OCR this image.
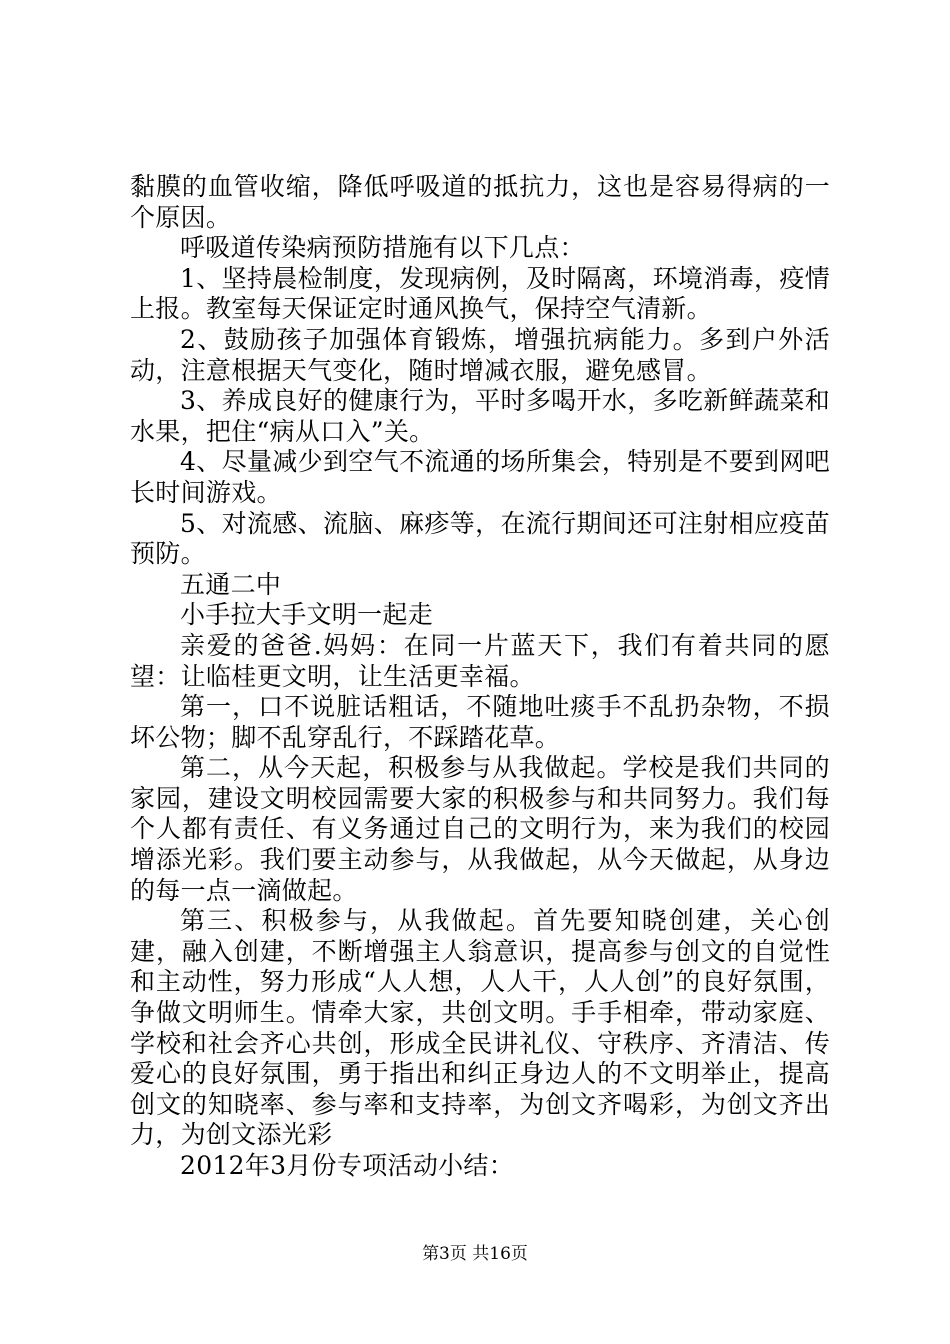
黏膜的血管收缩，降低呼吸道的抵抗力，这也是容易得病的一个原因。

呼吸道传染病预防措施有以下几点：

1、坚持晨检制度，发现病例，及时隔离，环境消毒，疫情上报。教室每天保证定时通风换气，保持空气清新。

2、鼓励孩子加强体育锻炼，增强抗病能力。多到户外活动，注意根据天气变化，随时增减衣服，避免感冒。

3、养成良好的健康行为，平时多喝开水，多吃新鲜蔬菜和水果，把住“病从口入”关。

4、尽量减少到空气不流通的场所集会，特别是不要到网吧长时间游戏。

5、对流感、流脑、麻疹等，在流行期间还可注射相应疫苗预防。

五通二中

小手拉大手文明一起走

亲爱的爸爸.妈妈：在同一片蓝天下，我们有着共同的愿望：让临桂更文明，让生活更幸福。

第一，口不说脏话粗话，不随地吐痰手不乱扔杂物，不损坏公物；脚不乱穿乱行，不踩踏花草。

第二，从今天起，积极参与从我做起。学校是我们共同的家园，建设文明校园需要大家的积极参与和共同努力。我们每个人都有责任、有义务通过自己的文明行为，来为我们的校园增添光彩。我们要主动参与，从我做起，从今天做起，从身边的每一点一滴做起。

第三、积极参与，从我做起。首先要知晓创建，关心创建，融入创建，不断增强主人翁意识，提高参与创文的自觉性和主动性，努力形成“人人想，人人干，人人创”的良好氛围，争做文明师生。情牵大家，共创文明。手手相牵，带动家庭、学校和社会齐心共创，形成全民讲礼仪、守秩序、齐清洁、传爱心的良好氛围，勇于指出和纠正身边人的不文明举止，提高创文的知晓率、参与率和支持率，为创文齐喝彩，为创文齐出力，为创文添光彩

2012年3月份专项活动小结：

第3页 共16页
